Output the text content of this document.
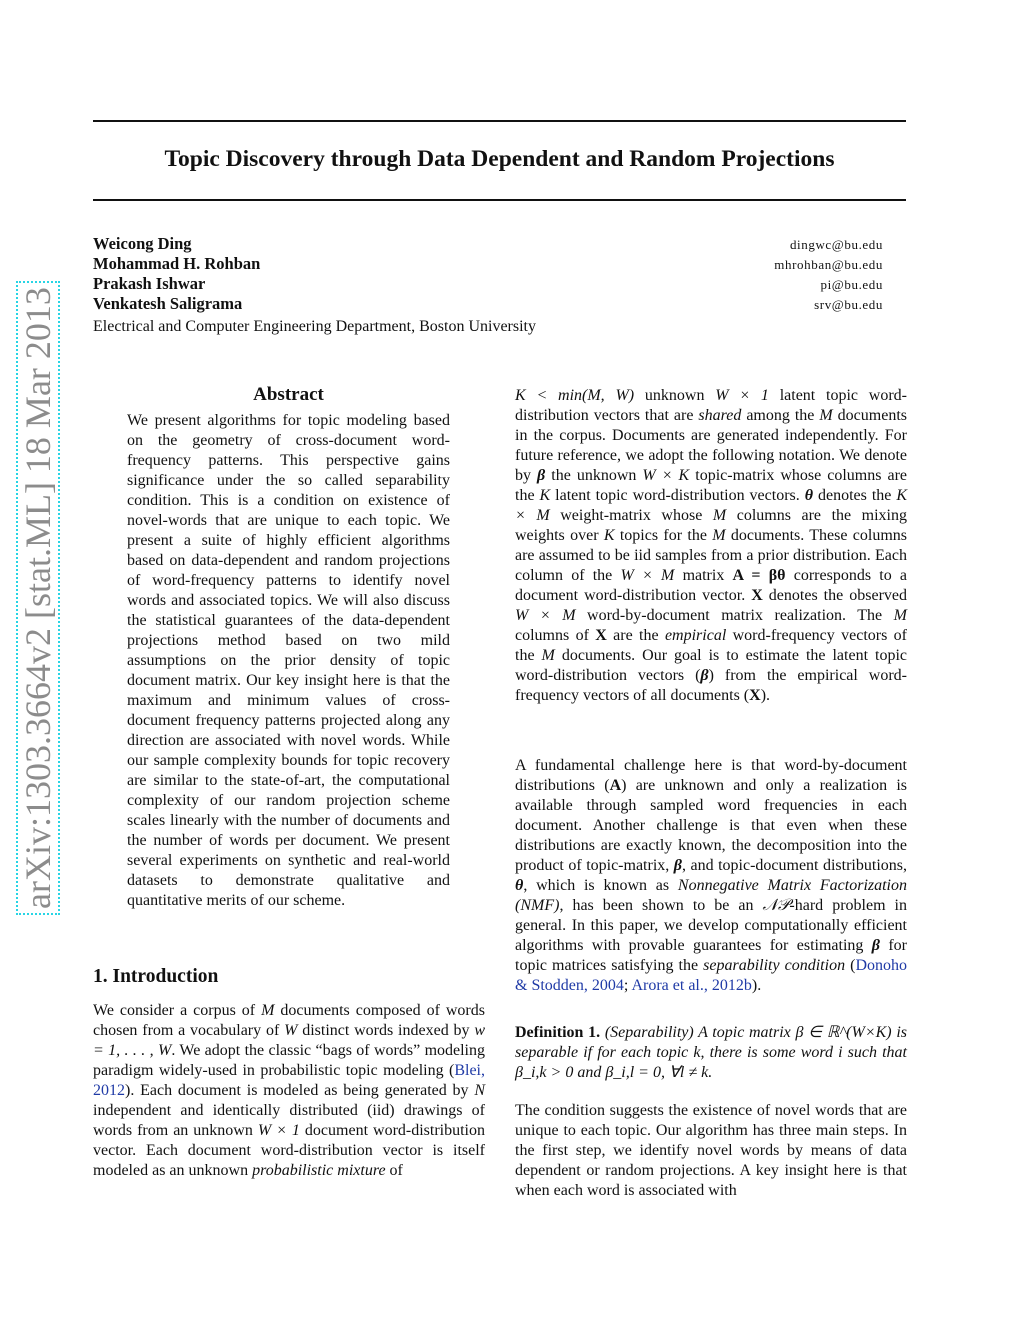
arXiv:1303.3664v2 [stat.ML] 18 Mar 2013
Topic Discovery through Data Dependent and Random Projections
Weicong Ding	dingwc@bu.edu
Mohammad H. Rohban	mhrohban@bu.edu
Prakash Ishwar	pi@bu.edu
Venkatesh Saligrama	srv@bu.edu
Electrical and Computer Engineering Department, Boston University
Abstract

We present algorithms for topic modeling based on the geometry of cross-document word-frequency patterns. This perspective gains significance under the so called separability condition. This is a condition on existence of novel-words that are unique to each topic. We present a suite of highly efficient algorithms based on data-dependent and random projections of word-frequency patterns to identify novel words and associated topics. We will also discuss the statistical guarantees of the data-dependent projections method based on two mild assumptions on the prior density of topic document matrix. Our key insight here is that the maximum and minimum values of cross-document frequency patterns projected along any direction are associated with novel words. While our sample complexity bounds for topic recovery are similar to the state-of-art, the computational complexity of our random projection scheme scales linearly with the number of documents and the number of words per document. We present several experiments on synthetic and real-world datasets to demonstrate qualitative and quantitative merits of our scheme.

1. Introduction

We consider a corpus of M documents composed of words chosen from a vocabulary of W distinct words indexed by w = 1, . . . , W. We adopt the classic “bags of words” modeling paradigm widely-used in probabilistic topic modeling (Blei, 2012). Each document is modeled as being generated by N independent and identically distributed (iid) drawings of words from an unknown W × 1 document word-distribution vector. Each document word-distribution vector is itself modeled as an unknown probabilistic mixture of

K < min(M, W) unknown W × 1 latent topic word-distribution vectors that are shared among the M documents in the corpus. Documents are generated independently. For future reference, we adopt the following notation. We denote by β the unknown W × K topic-matrix whose columns are the K latent topic word-distribution vectors. θ denotes the K × M weight-matrix whose M columns are the mixing weights over K topics for the M documents. These columns are assumed to be iid samples from a prior distribution. Each column of the W × M matrix A = βθ corresponds to a document word-distribution vector. X denotes the observed W × M word-by-document matrix realization. The M columns of X are the empirical word-frequency vectors of the M documents. Our goal is to estimate the latent topic word-distribution vectors (β) from the empirical word-frequency vectors of all documents (X).

A fundamental challenge here is that word-by-document distributions (A) are unknown and only a realization is available through sampled word frequencies in each document. Another challenge is that even when these distributions are exactly known, the decomposition into the product of topic-matrix, β, and topic-document distributions, θ, which is known as Nonnegative Matrix Factorization (NMF), has been shown to be an 𝒩𝒫-hard problem in general. In this paper, we develop computationally efficient algorithms with provable guarantees for estimating β for topic matrices satisfying the separability condition (Donoho & Stodden, 2004; Arora et al., 2012b).

Definition 1. (Separability) A topic matrix β ∈ ℝ^(W×K) is separable if for each topic k, there is some word i such that β_i,k > 0 and β_i,l = 0, ∀l ≠ k.

The condition suggests the existence of novel words that are unique to each topic. Our algorithm has three main steps. In the first step, we identify novel words by means of data dependent or random projections. A key insight here is that when each word is associated with
